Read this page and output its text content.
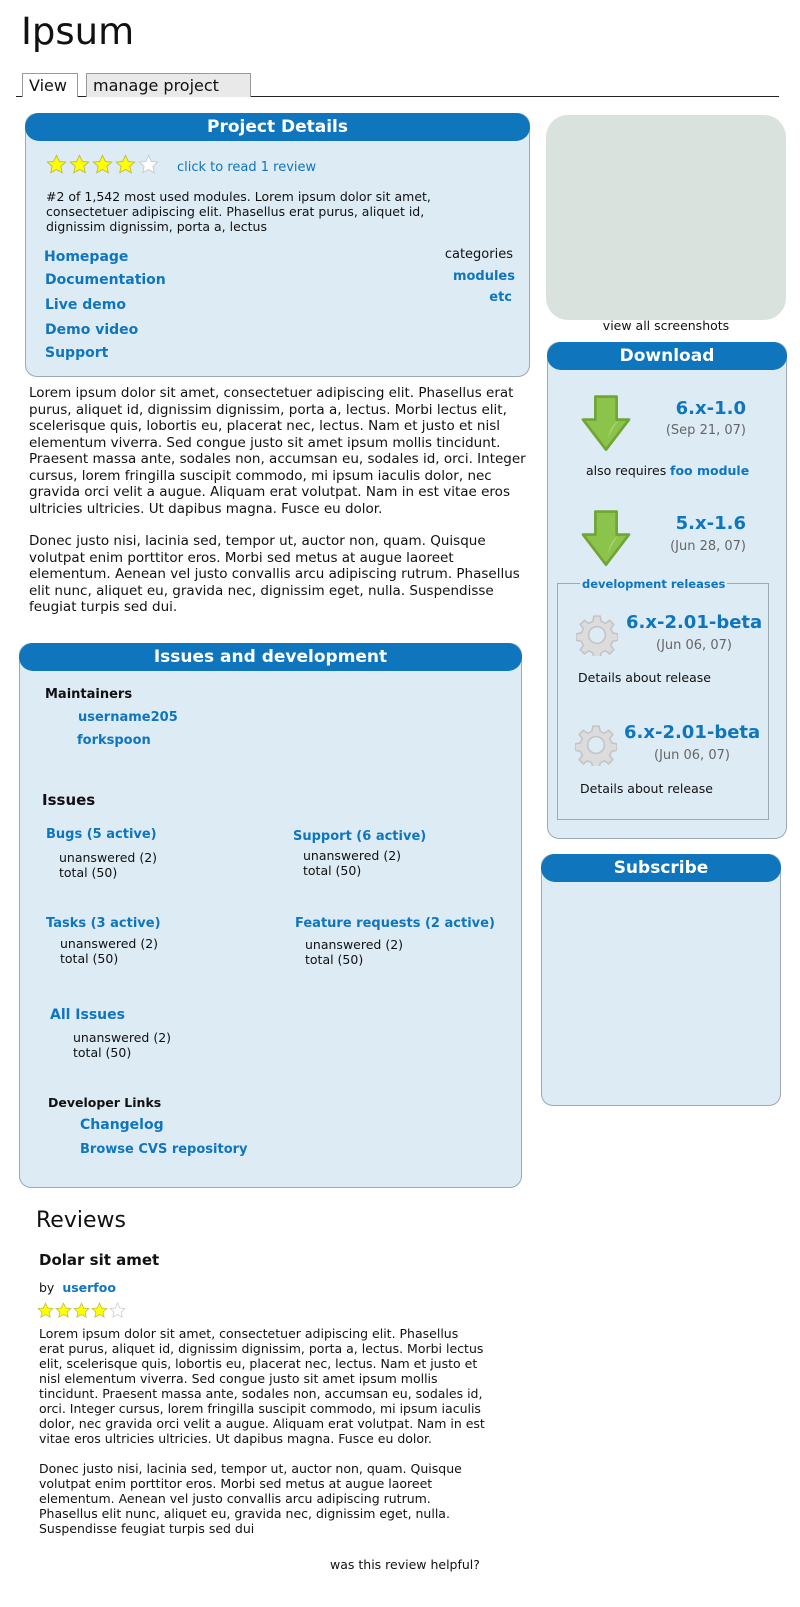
Ipsum
View	manage project
Project Details
click to read 1 review
#2 of 1,542 most used modules. Lorem ipsum dolor sit amet, consectetuer adipiscing elit. Phasellus erat purus, aliquet id, dignissim dignissim, porta a, lectus
Homepage
Documentation
Live demo
Demo video
Support
categories
modules
etc

Lorem ipsum dolor sit amet, consectetuer adipiscing elit. Phasellus erat purus, aliquet id, dignissim dignissim, porta a, lectus. Morbi lectus elit, scelerisque quis, lobortis eu, placerat nec, lectus. Nam et justo et nisl elementum viverra. Sed congue justo sit amet ipsum mollis tincidunt. Praesent massa ante, sodales non, accumsan eu, sodales id, orci. Integer cursus, lorem fringilla suscipit commodo, mi ipsum iaculis dolor, nec gravida orci velit a augue. Aliquam erat volutpat. Nam in est vitae eros ultricies ultricies. Ut dapibus magna. Fusce eu dolor.

Donec justo nisi, lacinia sed, tempor ut, auctor non, quam. Quisque volutpat enim porttitor eros. Morbi sed metus at augue laoreet elementum. Aenean vel justo convallis arcu adipiscing rutrum. Phasellus elit nunc, aliquet eu, gravida nec, dignissim eget, nulla. Suspendisse feugiat turpis sed dui.

view all screenshots
Download
6.x-1.0
(Sep 21, 07)
also requires foo module
5.x-1.6
(Jun 28, 07)
development releases
6.x-2.01-beta
(Jun 06, 07)
Details about release
6.x-2.01-beta
(Jun 06, 07)
Details about release
Subscribe
Issues and development
Maintainers
username205
forkspoon
Issues
Bugs (5 active)
unanswered (2)
total (50)
Support (6 active)
unanswered (2)
total (50)
Tasks (3 active)
unanswered (2)
total (50)
Feature requests (2 active)
unanswered (2)
total (50)
All Issues
unanswered (2)
total (50)
Developer Links
Changelog
Browse CVS repository
Reviews
Dolar sit amet
by userfoo

Lorem ipsum dolor sit amet, consectetuer adipiscing elit. Phasellus erat purus, aliquet id, dignissim dignissim, porta a, lectus. Morbi lectus elit, scelerisque quis, lobortis eu, placerat nec, lectus. Nam et justo et nisl elementum viverra. Sed congue justo sit amet ipsum mollis tincidunt. Praesent massa ante, sodales non, accumsan eu, sodales id, orci. Integer cursus, lorem fringilla suscipit commodo, mi ipsum iaculis dolor, nec gravida orci velit a augue. Aliquam erat volutpat. Nam in est vitae eros ultricies ultricies. Ut dapibus magna. Fusce eu dolor.

Donec justo nisi, lacinia sed, tempor ut, auctor non, quam. Quisque volutpat enim porttitor eros. Morbi sed metus at augue laoreet elementum. Aenean vel justo convallis arcu adipiscing rutrum. Phasellus elit nunc, aliquet eu, gravida nec, dignissim eget, nulla. Suspendisse feugiat turpis sed dui

was this review helpful?
